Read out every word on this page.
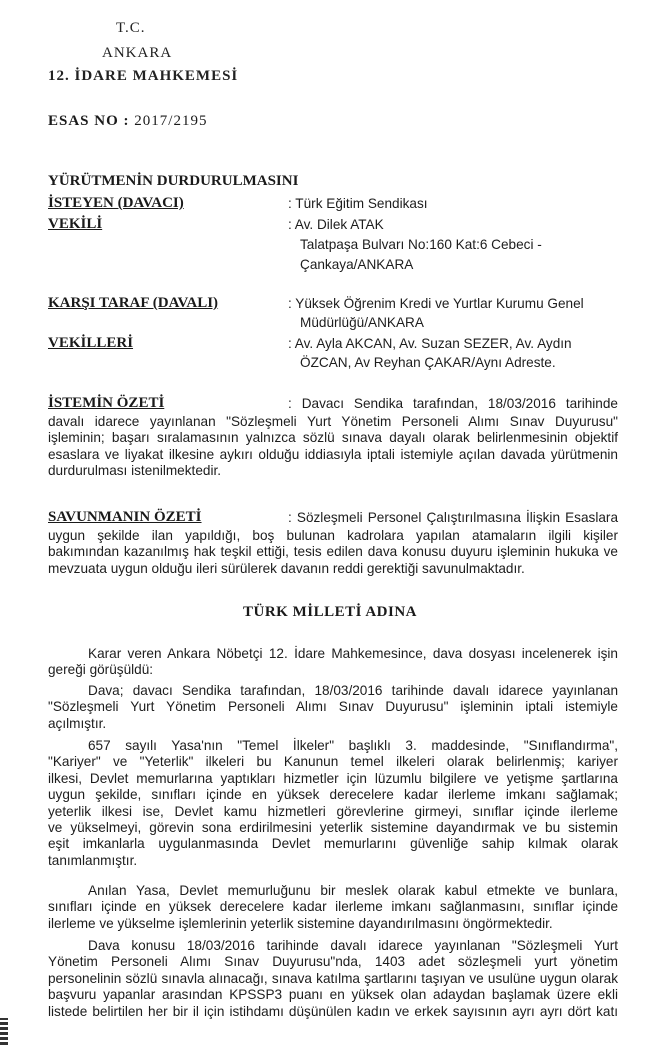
T.C.
ANKARA
12. İDARE MAHKEMESİ
ESAS NO : 2017/2195
YÜRÜTMENİN DURDURULMASINI
İSTEYEN (DAVACI)	: Türk Eğitim Sendikası
VEKİLİ	: Av. Dilek ATAK
Talatpaşa Bulvarı No:160 Kat:6 Cebeci -
Çankaya/ANKARA
KARŞI TARAF (DAVALI)	: Yüksek Öğrenim Kredi ve Yurtlar Kurumu Genel
Müdürlüğü/ANKARA
VEKİLLERİ	: Av. Ayla AKCAN, Av. Suzan SEZER, Av. Aydın
ÖZCAN, Av Reyhan ÇAKAR/Aynı Adreste.
İSTEMİN ÖZETİ	: Davacı Sendika tarafından, 18/03/2016 tarihinde
davalı idarece yayınlanan "Sözleşmeli Yurt Yönetim Personeli Alımı Sınav Duyurusu"
işleminin; başarı sıralamasının yalnızca sözlü sınava dayalı olarak belirlenmesinin objektif
esaslara ve liyakat ilkesine aykırı olduğu iddiasıyla iptali istemiyle açılan davada yürütmenin
durdurulması istenilmektedir.
SAVUNMANIN ÖZETİ	: Sözleşmeli Personel Çalıştırılmasına İlişkin Esaslara
uygun şekilde ilan yapıldığı, boş bulunan kadrolara yapılan atamaların ilgili kişiler
bakımından kazanılmış hak teşkil ettiği, tesis edilen dava konusu duyuru işleminin hukuka ve
mevzuata uygun olduğu ileri sürülerek davanın reddi gerektiği savunulmaktadır.
TÜRK MİLLETİ ADINA
Karar veren Ankara Nöbetçi 12. İdare Mahkemesince, dava dosyası incelenerek işin
gereği görüşüldü:
Dava; davacı Sendika tarafından, 18/03/2016 tarihinde davalı idarece yayınlanan
"Sözleşmeli Yurt Yönetim Personeli Alımı Sınav Duyurusu" işleminin iptali istemiyle
açılmıştır.
657 sayılı Yasa'nın "Temel İlkeler" başlıklı 3. maddesinde, "Sınıflandırma",
"Kariyer" ve "Yeterlik" ilkeleri bu Kanunun temel ilkeleri olarak belirlenmiş; kariyer
ilkesi, Devlet memurlarına yaptıkları hizmetler için lüzumlu bilgilere ve yetişme şartlarına
uygun şekilde, sınıfları içinde en yüksek derecelere kadar ilerleme imkanı sağlamak;
yeterlik ilkesi ise, Devlet kamu hizmetleri görevlerine girmeyi, sınıflar içinde ilerleme
ve yükselmeyi, görevin sona erdirilmesini yeterlik sistemine dayandırmak ve bu sistemin
eşit imkanlarla uygulanmasında Devlet memurlarını güvenliğe sahip kılmak olarak
tanımlanmıştır.
Anılan Yasa, Devlet memurluğunu bir meslek olarak kabul etmekte ve bunlara,
sınıfları içinde en yüksek derecelere kadar ilerleme imkanı sağlanmasını, sınıflar içinde
ilerleme ve yükselme işlemlerinin yeterlik sistemine dayandırılmasını öngörmektedir.
Dava konusu 18/03/2016 tarihinde davalı idarece yayınlanan "Sözleşmeli Yurt
Yönetim Personeli Alımı Sınav Duyurusu"nda, 1403 adet sözleşmeli yurt yönetim
personelinin sözlü sınavla alınacağı, sınava katılma şartlarını taşıyan ve usulüne uygun olarak
başvuru yapanlar arasından KPSSP3 puanı en yüksek olan adaydan başlamak üzere ekli
listede belirtilen her bir il için istihdamı düşünülen kadın ve erkek sayısının ayrı ayrı dört katı
